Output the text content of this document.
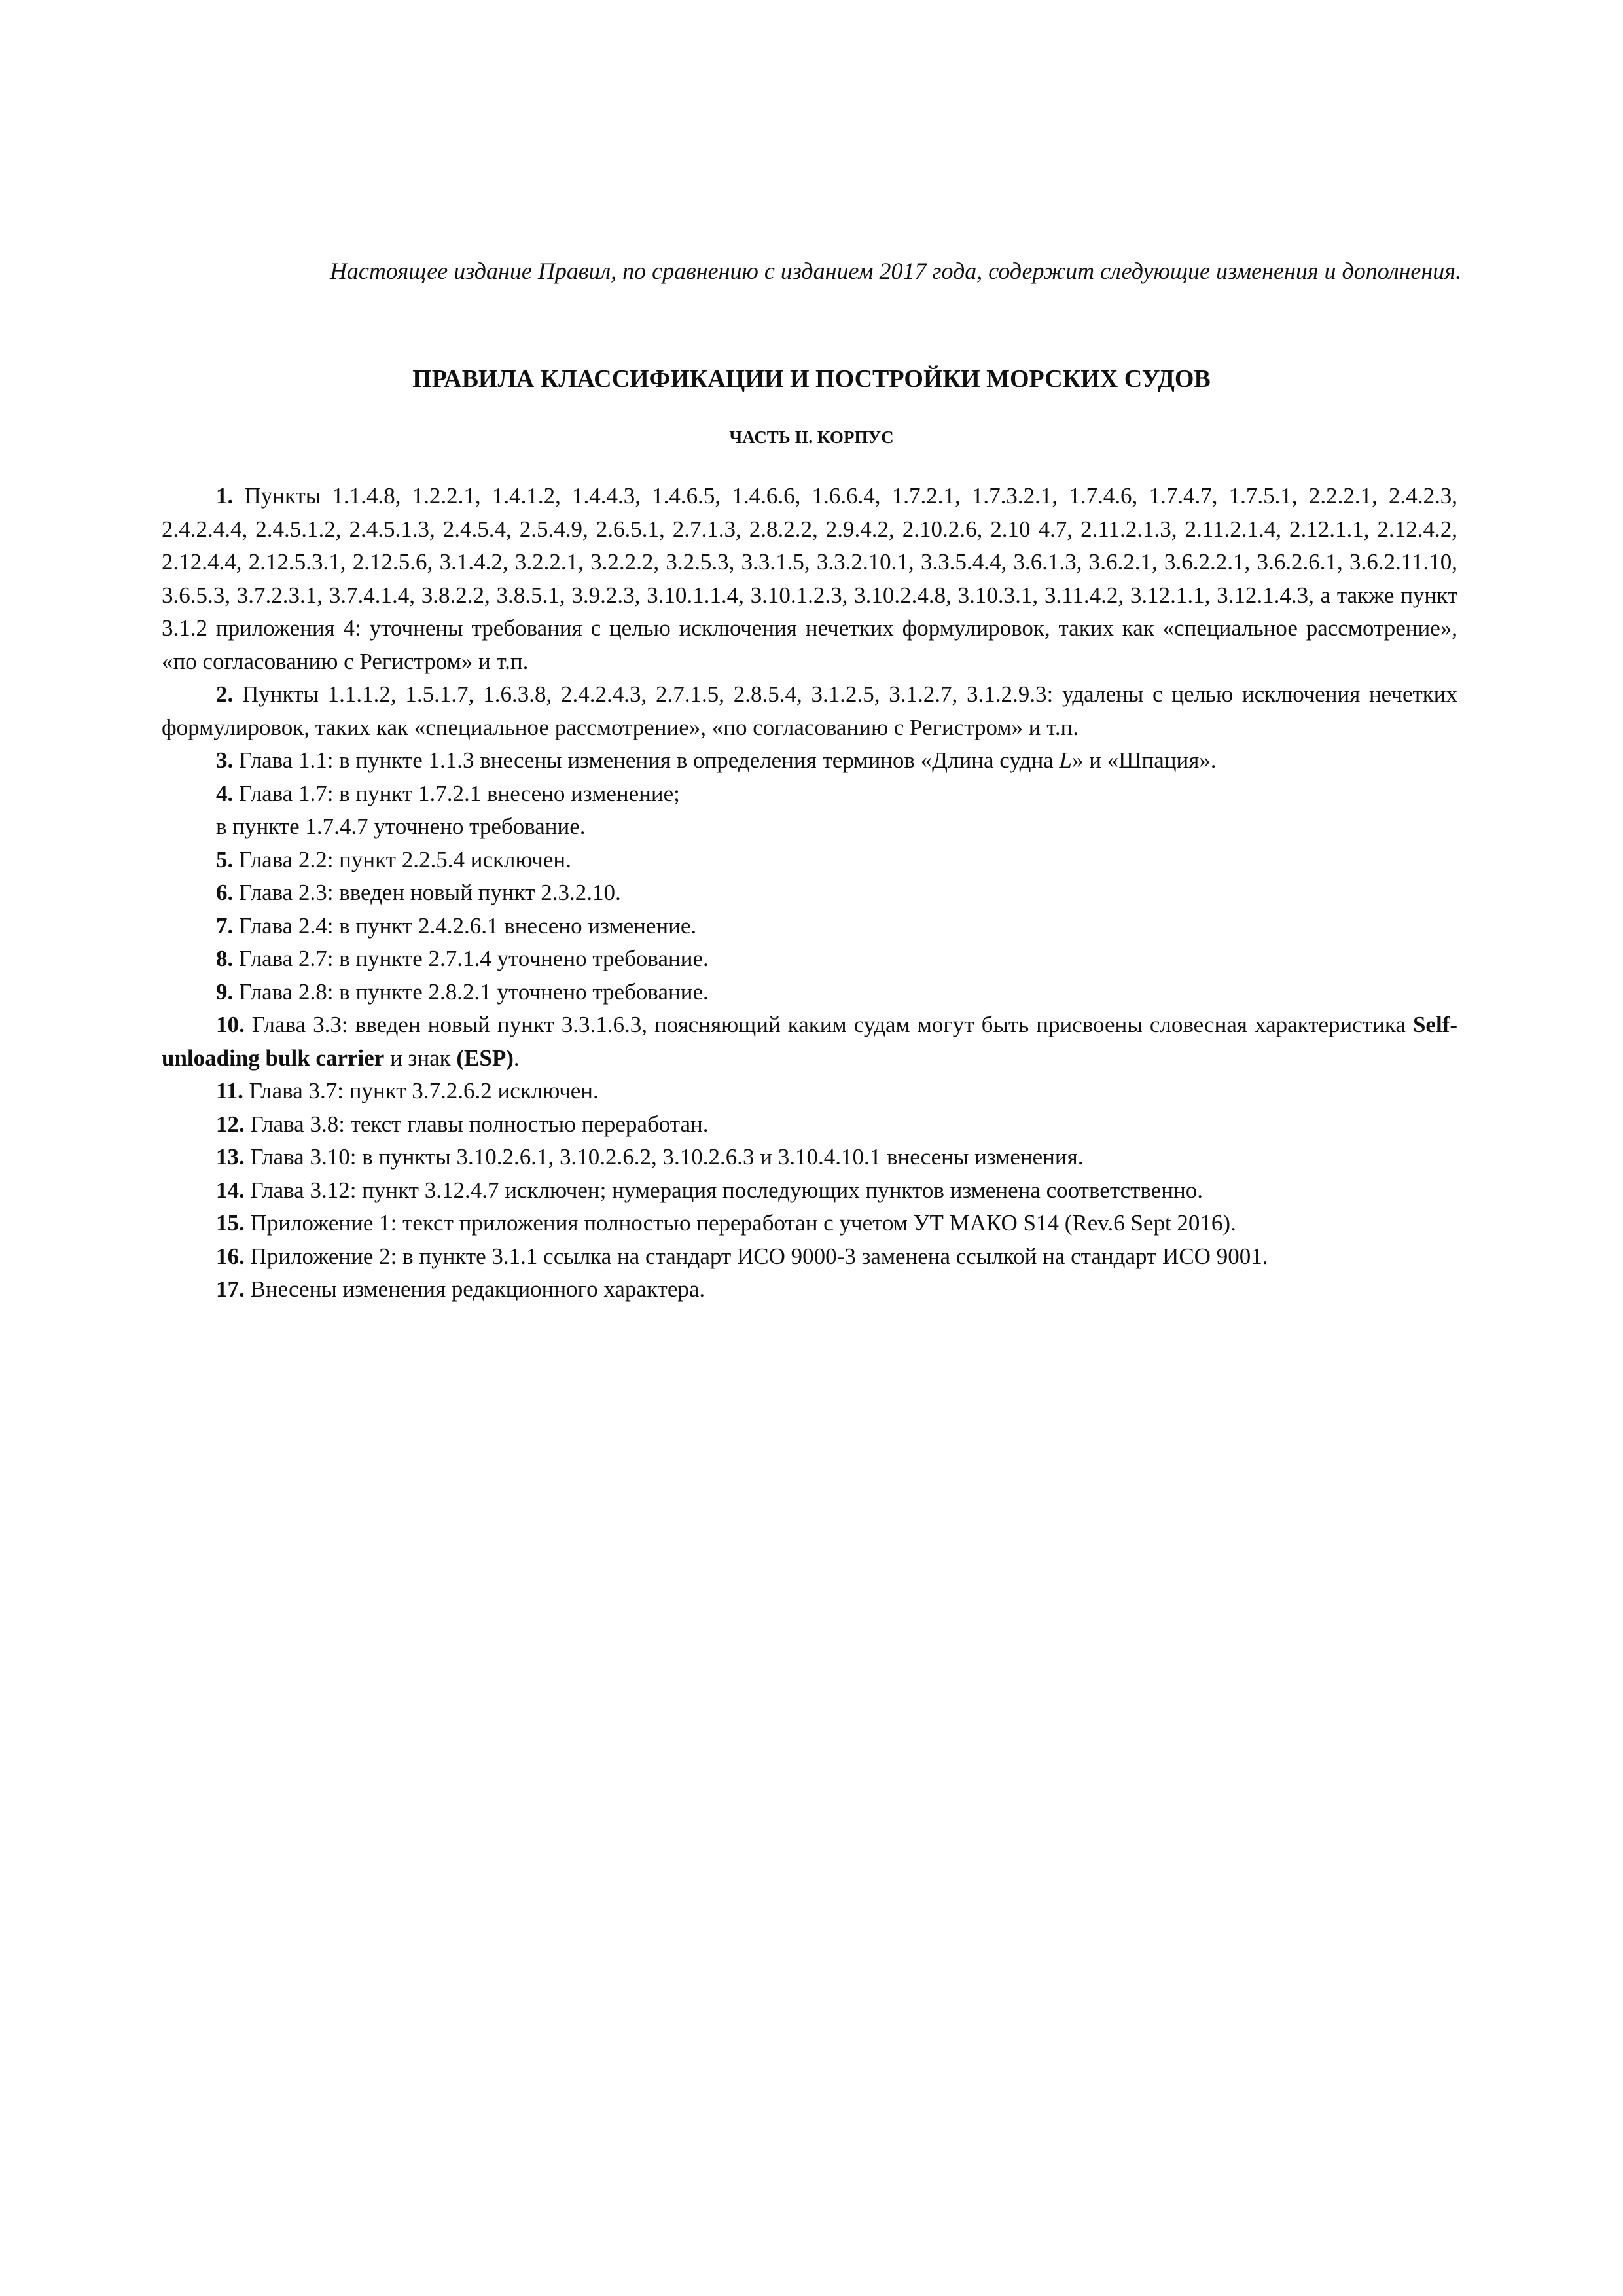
Настоящее издание Правил, по сравнению с изданием 2017 года, содержит следующие изменения и дополнения.
ПРАВИЛА КЛАССИФИКАЦИИ И ПОСТРОЙКИ МОРСКИХ СУДОВ
ЧАСТЬ II. КОРПУС

1. Пункты 1.1.4.8, 1.2.2.1, 1.4.1.2, 1.4.4.3, 1.4.6.5, 1.4.6.6, 1.6.6.4, 1.7.2.1, 1.7.3.2.1, 1.7.4.6, 1.7.4.7, 1.7.5.1, 2.2.2.1, 2.4.2.3, 2.4.2.4.4, 2.4.5.1.2, 2.4.5.1.3, 2.4.5.4, 2.5.4.9, 2.6.5.1, 2.7.1.3, 2.8.2.2, 2.9.4.2, 2.10.2.6, 2.10 4.7, 2.11.2.1.3, 2.11.2.1.4, 2.12.1.1, 2.12.4.2, 2.12.4.4, 2.12.5.3.1, 2.12.5.6, 3.1.4.2, 3.2.2.1, 3.2.2.2, 3.2.5.3, 3.3.1.5, 3.3.2.10.1, 3.3.5.4.4, 3.6.1.3, 3.6.2.1, 3.6.2.2.1, 3.6.2.6.1, 3.6.2.11.10, 3.6.5.3, 3.7.2.3.1, 3.7.4.1.4, 3.8.2.2, 3.8.5.1, 3.9.2.3, 3.10.1.1.4, 3.10.1.2.3, 3.10.2.4.8, 3.10.3.1, 3.11.4.2, 3.12.1.1, 3.12.1.4.3, а также пункт 3.1.2 приложения 4: уточнены требования с целью исключения нечетких формулировок, таких как «специальное рассмотрение», «по согласованию с Регистром» и т.п.

2. Пункты 1.1.1.2, 1.5.1.7, 1.6.3.8, 2.4.2.4.3, 2.7.1.5, 2.8.5.4, 3.1.2.5, 3.1.2.7, 3.1.2.9.3: удалены с целью исключения нечетких формулировок, таких как «специальное рассмотрение», «по согласованию с Регистром» и т.п.

3. Глава 1.1: в пункте 1.1.3 внесены изменения в определения терминов «Длина судна L» и «Шпация».

4. Глава 1.7: в пункт 1.7.2.1 внесено изменение;

в пункте 1.7.4.7 уточнено требование.

5. Глава 2.2: пункт 2.2.5.4 исключен.

6. Глава 2.3: введен новый пункт 2.3.2.10.

7. Глава 2.4: в пункт 2.4.2.6.1 внесено изменение.

8. Глава 2.7: в пункте 2.7.1.4 уточнено требование.

9. Глава 2.8: в пункте 2.8.2.1 уточнено требование.

10. Глава 3.3: введен новый пункт 3.3.1.6.3, поясняющий каким судам могут быть присвоены словесная характеристика Self-unloading bulk carrier и знак (ESP).

11. Глава 3.7: пункт 3.7.2.6.2 исключен.

12. Глава 3.8: текст главы полностью переработан.

13. Глава 3.10: в пункты 3.10.2.6.1, 3.10.2.6.2, 3.10.2.6.3 и 3.10.4.10.1 внесены изменения.

14. Глава 3.12: пункт 3.12.4.7 исключен; нумерация последующих пунктов изменена соответственно.

15. Приложение 1: текст приложения полностью переработан с учетом УТ МАКО S14 (Rev.6 Sept 2016).

16. Приложение 2: в пункте 3.1.1 ссылка на стандарт ИСО 9000-3 заменена ссылкой на стандарт ИСО 9001.

17. Внесены изменения редакционного характера.
